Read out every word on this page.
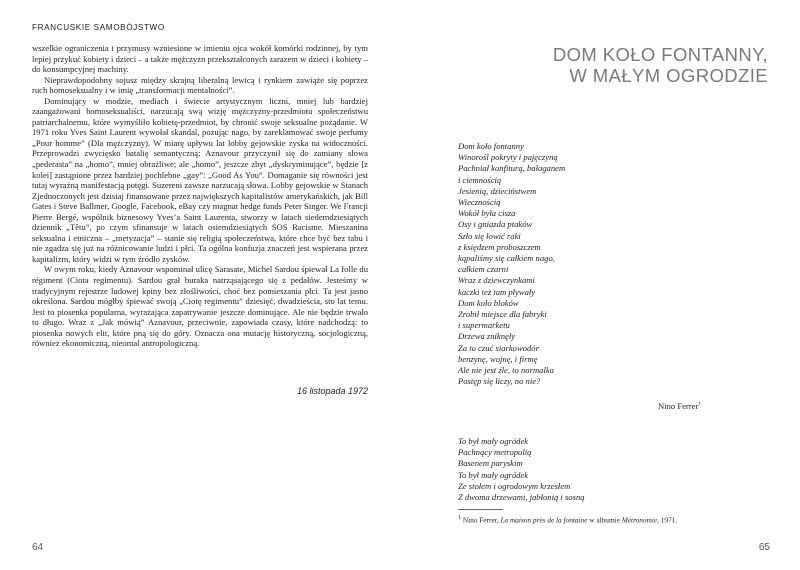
FRANCUSKIE SAMOBÓJSTWO

wszelkie ograniczenia i przymusy wzniesione w imieniu ojca wokół komórki rodzinnej, by tym lepiej przykuć kobiety i dzieci – a także mężczyzn przekształconych zarazem w dzieci i kobiety – do konsumpcyjnej machiny.

Nieprawdopodobny sojusz między skrajną liberalną lewicą i rynkiem zawiąże się poprzez ruch homoseksualny i w imię „transformacji mentalności”.

Dominujący w modzie, mediach i świecie artystycznym liczni, mniej lub bardziej zaangażowani homoseksualiści, narzucają swą wizję mężczyzny-przedmiotu społeczeństwu patriarchalnemu, które wymyśliło kobietę-przedmiot, by chronić swoje seksualne pożądanie. W 1971 roku Yves Saint Laurent wywołał skandal, pozując nago, by zareklamować swoje perfumy „Pour homme” (Dla mężczyzny). W miarę upływu lat lobby gejowskie zyska na widoczności. Przeprowadzi zwycięsko batalię semantyczną; Aznavour przyczynił się do zamiany słowa „pederasta” na „homo”, mniej obraźliwe; ale „homo”, jeszcze zbyt „dyskryminujące”, będzie [z kolei] zastąpione przez bardziej pochlebne „gay”: „Good As You”. Domaganie się równości jest tutaj wyraźną manifestacją potęgi. Suzereni zawsze narzucają słowa. Lobby gejowskie w Stanach Zjednoczonych jest dzisiaj finansowane przez największych kapitalistów amerykańskich, jak Bill Gates i Steve Ballmer, Google, Facebook, eBay czy magnat hedge funds Peter Singer. We Francji Pierre Bergé, wspólnik biznesowy Yves’a Saint Laurenta, stworzy w latach siedemdziesiątych dziennik „Têtu”, po czym sfinansuje w latach osiemdziesiątych SOS Racisme. Mieszanina seksualna i etniczna – „metyzacja” – stanie się religią społeczeństwa, które chce być bez tabu i nie zgadza się już na różnicowanie ludzi i płci. Ta ogólna konfuzja znaczeń jest wspierana przez kapitalizm, który widzi w tym źródło zysków.

W owym roku, kiedy Aznavour wspominał ulicę Sarasate, Michel Sardou śpiewał La folle du régiment (Ciota regimentu). Sardou grał buraka natrząsającego się z pedałów. Jesteśmy w tradycyjnym rejestrze ludowej kpiny bez złośliwości, choć bez pomieszania płci. Ta jest jasno określona. Sardou mógłby śpiewać swoją „Ciotę regimentu” dziesięć, dwadzieścia, sto lat temu. Jest to piosenka popularna, wyrażająca zapatrywanie jeszcze dominujące. Ale nie będzie trwało to długo. Wraz z „Jak mówią” Aznavour, przeciwnie, zapowiada czasy, które nadchodzą: to piosenka nowych elit, które pną się do góry. Oznacza ona mutację historyczną, socjologiczną, również ekonomiczną, nieomal antropologiczną.

16 listopada 1972
64
DOM KOŁO FONTANNY,
W MAŁYM OGRODZIE
Dom koło fontanny
Winorośl pokryty i pajęczyną
Pachniał konfiturą, bałaganem
i ciemnością
Jesienią, dzieciństwem
Wiecznością
Wokół była cisza
Osy i gniazda ptaków
Szło się łowić raki
z księdzem proboszczem
kąpaliśmy się całkiem nago,
całkiem czarni
Wraz z dziewczynkami
kaczki też tam pływały
Dom koło bloków
Zrobił miejsce dla fabryki
i supermarketu
Drzewa zniknęły
Za to czuć siarkowodór
benzynę, wojnę, i firmę
Ale nie jest źle, to normalka
Postęp się liczy, no nie?
Nino Ferrer$^1$
To był mały ogródek
Pachnący metropolią
Basenem paryskim
To był mały ogródek
Ze stołem i ogrodowym krzesłem
Z dwoma drzewami, jabłonią i sosną
$^1$ Nino Ferrer, La maison près de la fontaine w albumie Métronomie, 1971.
65
